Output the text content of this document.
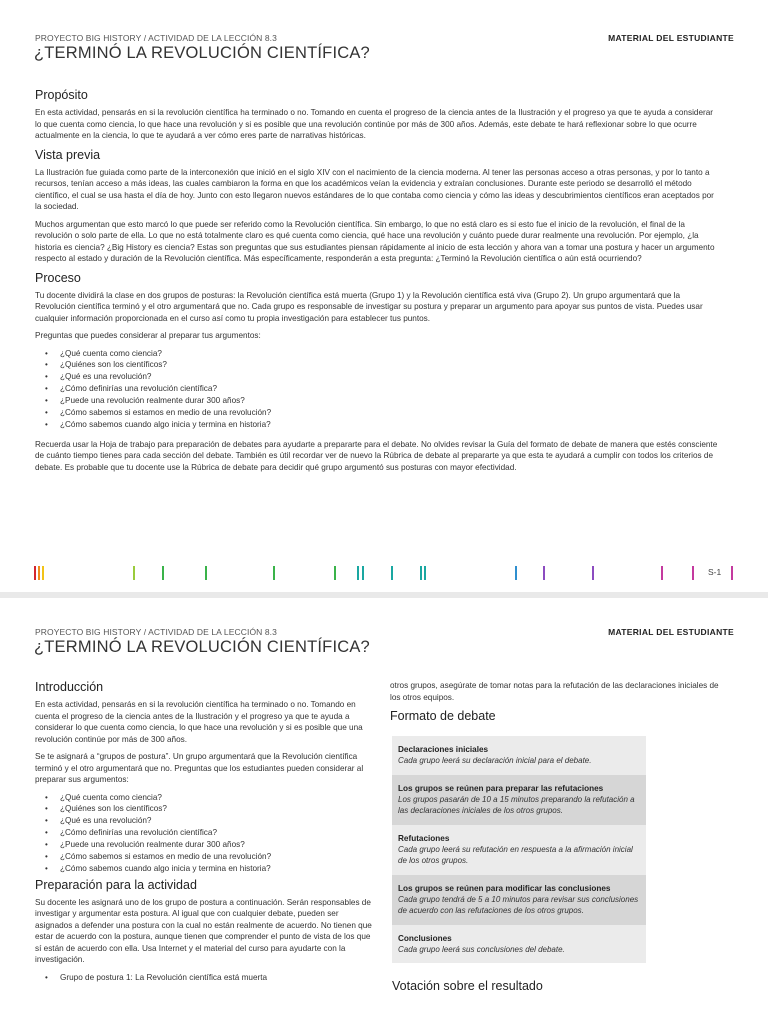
PROYECTO BIG HISTORY / ACTIVIDAD DE LA LECCIÓN 8.3	MATERIAL DEL ESTUDIANTE
¿TERMINÓ LA REVOLUCIÓN CIENTÍFICA?
Propósito

En esta actividad, pensarás en si la revolución científica ha terminado o no. Tomando en cuenta el progreso de la ciencia antes de la Ilustración y el progreso ya que te ayuda a considerar lo que cuenta como ciencia, lo que hace una revolución y si es posible que una revolución continúe por más de 300 años. Además, este debate te hará reflexionar sobre lo que ocurre actualmente en la ciencia, lo que te ayudará a ver cómo eres parte de narrativas históricas.

Vista previa

La Ilustración fue guiada como parte de la interconexión que inició en el siglo XIV con el nacimiento de la ciencia moderna. Al tener las personas acceso a otras personas, y por lo tanto a recursos, tenían acceso a más ideas, las cuales cambiaron la forma en que los académicos veían la evidencia y extraían conclusiones. Durante este periodo se desarrolló el método científico, el cual se usa hasta el día de hoy. Junto con esto llegaron nuevos estándares de lo que contaba como ciencia y cómo las ideas y descubrimientos científicos eran aceptados por la sociedad.

Muchos argumentan que esto marcó lo que puede ser referido como la Revolución científica. Sin embargo, lo que no está claro es si esto fue el inicio de la revolución, el final de la revolución o solo parte de ella. Lo que no está totalmente claro es qué cuenta como ciencia, qué hace una revolución y cuánto puede durar realmente una revolución. Por ejemplo, ¿la historia es ciencia? ¿Big History es ciencia? Estas son preguntas que sus estudiantes piensan rápidamente al inicio de esta lección y ahora van a tomar una postura y hacer un argumento respecto al estado y duración de la Revolución científica. Más específicamente, responderán a esta pregunta: ¿Terminó la Revolución científica o aún está ocurriendo?

Proceso

Tu docente dividirá la clase en dos grupos de posturas: la Revolución científica está muerta (Grupo 1) y la Revolución científica está viva (Grupo 2). Un grupo argumentará que la Revolución científica terminó y el otro argumentará que no. Cada grupo es responsable de investigar su postura y preparar un argumento para apoyar sus puntos de vista. Puedes usar cualquier información proporcionada en el curso así como tu propia investigación para establecer tus puntos.

Preguntas que puedes considerar al preparar tus argumentos:

• ¿Qué cuenta como ciencia?
• ¿Quiénes son los científicos?
• ¿Qué es una revolución?
• ¿Cómo definirías una revolución científica?
• ¿Puede una revolución realmente durar 300 años?
• ¿Cómo sabemos si estamos en medio de una revolución?
• ¿Cómo sabemos cuando algo inicia y termina en historia?

Recuerda usar la Hoja de trabajo para preparación de debates para ayudarte a prepararte para el debate. No olvides revisar la Guía del formato de debate de manera que estés consciente de cuánto tiempo tienes para cada sección del debate. También es útil recordar ver de nuevo la Rúbrica de debate al prepararte ya que esta te ayudará a cumplir con todos los criterios de debate. Es probable que tu docente use la Rúbrica de debate para decidir qué grupo argumentó sus posturas con mayor efectividad.

S-1
PROYECTO BIG HISTORY / ACTIVIDAD DE LA LECCIÓN 8.3	MATERIAL DEL ESTUDIANTE
¿TERMINÓ LA REVOLUCIÓN CIENTÍFICA?
Introducción

En esta actividad, pensarás en si la revolución científica ha terminado o no. Tomando en cuenta el progreso de la ciencia antes de la Ilustración y el progreso ya que te ayuda a considerar lo que cuenta como ciencia, lo que hace una revolución y si es posible que una revolución continúe por más de 300 años.

Se te asignará a “grupos de postura”. Un grupo argumentará que la Revolución científica terminó y el otro argumentará que no. Preguntas que los estudiantes pueden considerar al preparar sus argumentos:

• ¿Qué cuenta como ciencia?
• ¿Quiénes son los científicos?
• ¿Qué es una revolución?
• ¿Cómo definirías una revolución científica?
• ¿Puede una revolución realmente durar 300 años?
• ¿Cómo sabemos si estamos en medio de una revolución?
• ¿Cómo sabemos cuando algo inicia y termina en historia?
Preparación para la actividad

Su docente les asignará uno de los grupo de postura a continuación. Serán responsables de investigar y argumentar esta postura. Al igual que con cualquier debate, pueden ser asignados a defender una postura con la cual no están realmente de acuerdo. No tienen que estar de acuerdo con la postura, aunque tienen que comprender el punto de vista de los que sí están de acuerdo con ella. Usa Internet y el material del curso para ayudarte con la investigación.

• Grupo de postura 1: La Revolución científica está muerta

otros grupos, asegúrate de tomar notas para la refutación de las declaraciones iniciales de los otros equipos.

Formato de debate
Declaraciones iniciales
Cada grupo leerá su declaración inicial para el debate.
Los grupos se reúnen para preparar las refutaciones
Los grupos pasarán de 10 a 15 minutos preparando la refutación a las declaraciones iniciales de los otros grupos.
Refutaciones
Cada grupo leerá su refutación en respuesta a la afirmación inicial de los otros grupos.
Los grupos se reúnen para modificar las conclusiones
Cada grupo tendrá de 5 a 10 minutos para revisar sus conclusiones de acuerdo con las refutaciones de los otros grupos.
Conclusiones
Cada grupo leerá sus conclusiones del debate.
Votación sobre el resultado
